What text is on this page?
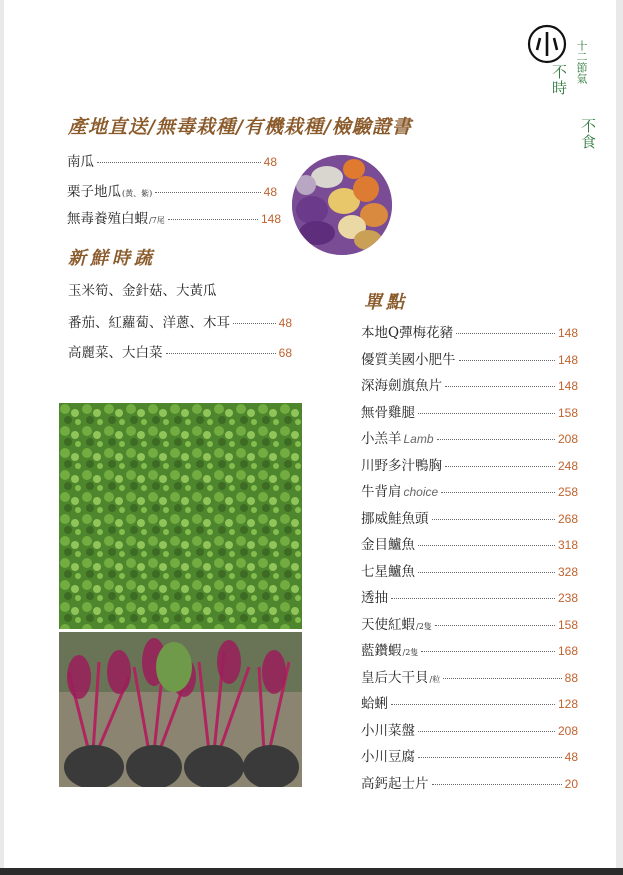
十二節氣
不時
不食
產地直送/無毒栽種/有機栽種/檢驗證書
南瓜	48
栗子地瓜 (黃、紫)	48
無毒養殖白蝦 /7尾	148
新鮮時蔬
玉米筍、金針菇、大黃瓜
番茄、紅蘿蔔、洋蔥、木耳	48
高麗菜、大白菜	68
單點
本地Q彈梅花豬	148
優質美國小肥牛	148
深海劍旗魚片	148
無骨雞腿	158
小羔羊 Lamb	208
川野多汁鴨胸	248
牛背肩 choice	258
挪威鮭魚頭	268
金目鱸魚	318
七星鱸魚	328
透抽	238
天使紅蝦 /2隻	158
藍鑽蝦 /2隻	168
皇后大干貝 /粒	88
蛤蜊	128
小川菜盤	208
小川豆腐	48
高鈣起士片	20
